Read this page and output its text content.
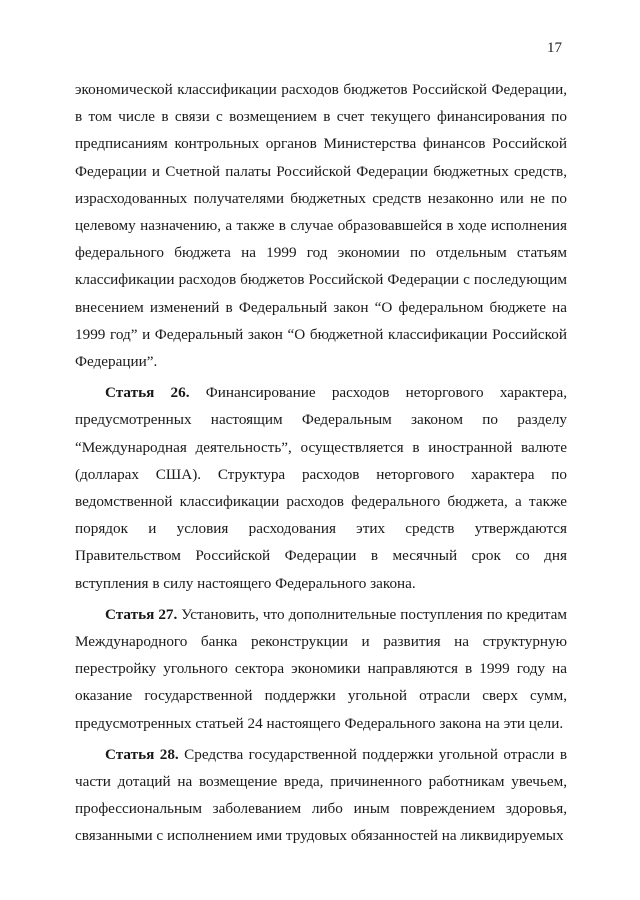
17

экономической классификации расходов бюджетов Российской Федерации, в том числе в связи с возмещением в счет текущего финансирования по предписаниям контрольных органов Министерства финансов Российской Федерации и Счетной палаты Российской Федерации бюджетных средств, израсходованных получателями бюджетных средств незаконно или не по целевому назначению, а также в случае образовавшейся в ходе исполнения федерального бюджета на 1999 год экономии по отдельным статьям классификации расходов бюджетов Российской Федерации с последующим внесением изменений в Федеральный закон “О федеральном бюджете на 1999 год” и Федеральный закон “О бюджетной классификации Российской Федерации”.

Статья 26. Финансирование расходов неторгового характера, предусмотренных настоящим Федеральным законом по разделу “Международная деятельность”, осуществляется в иностранной валюте (долларах США). Структура расходов неторгового характера по ведомственной классификации расходов федерального бюджета, а также порядок и условия расходования этих средств утверждаются Правительством Российской Федерации в месячный срок со дня вступления в силу настоящего Федерального закона.

Статья 27. Установить, что дополнительные поступления по кредитам Международного банка реконструкции и развития на структурную перестройку угольного сектора экономики направляются в 1999 году на оказание государственной поддержки угольной отрасли сверх сумм, предусмотренных статьей 24 настоящего Федерального закона на эти цели.

Статья 28. Средства государственной поддержки угольной отрасли в части дотаций на возмещение вреда, причиненного работникам увечьем, профессиональным заболеванием либо иным повреждением здоровья, связанными с исполнением ими трудовых обязанностей на ликвидируемых
